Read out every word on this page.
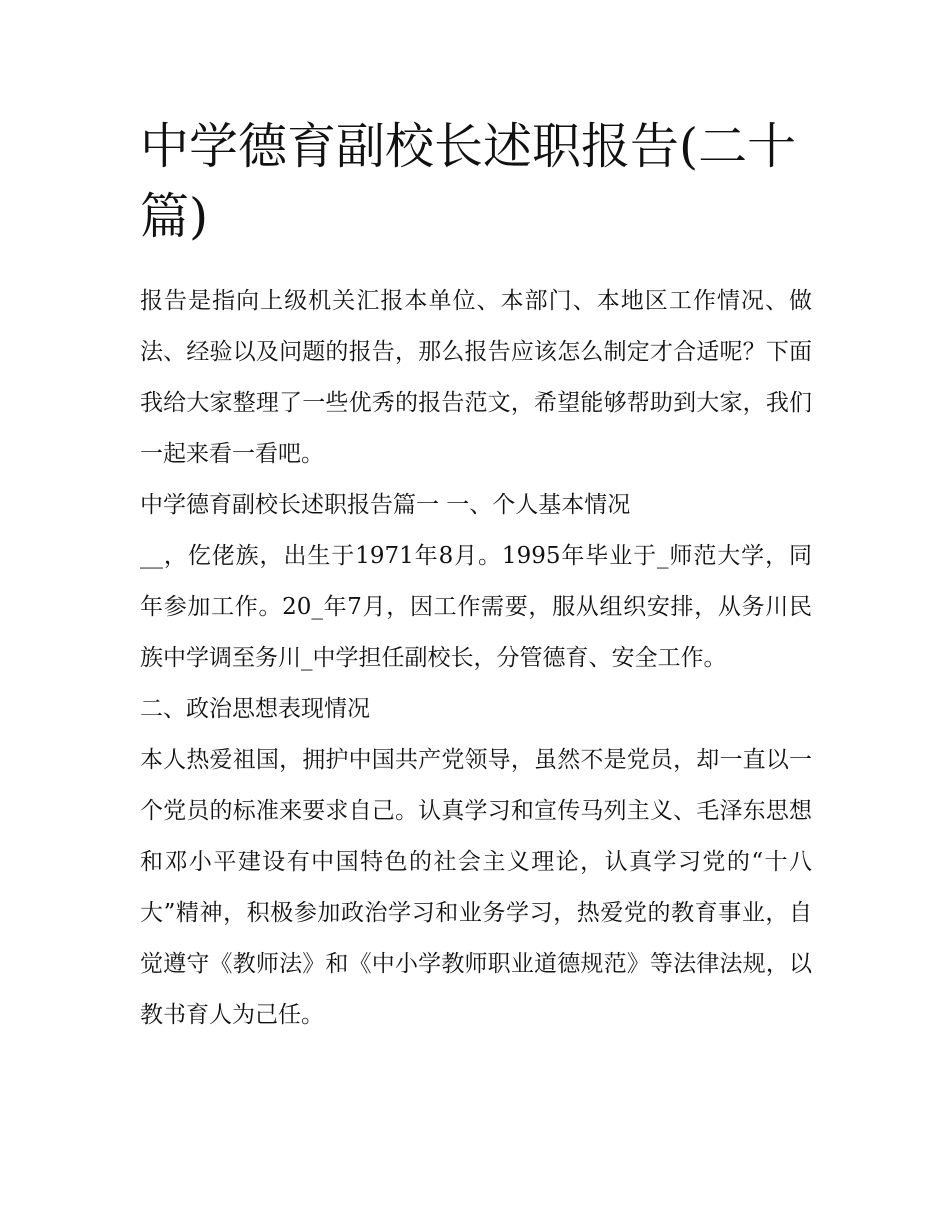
中学德育副校长述职报告(二十篇)

报告是指向上级机关汇报本单位、本部门、本地区工作情况、做法、经验以及问题的报告，那么报告应该怎么制定才合适呢？下面我给大家整理了一些优秀的报告范文，希望能够帮助到大家，我们一起来看一看吧。

中学德育副校长述职报告篇一 一、个人基本情况

__，仡佬族，出生于1971年8月。1995年毕业于_师范大学，同年参加工作。20_年7月，因工作需要，服从组织安排，从务川民族中学调至务川_中学担任副校长，分管德育、安全工作。

二、政治思想表现情况

本人热爱祖国，拥护中国共产党领导，虽然不是党员，却一直以一个党员的标准来要求自己。认真学习和宣传马列主义、毛泽东思想和邓小平建设有中国特色的社会主义理论，认真学习党的“十八大”精神，积极参加政治学习和业务学习，热爱党的教育事业，自觉遵守《教师法》和《中小学教师职业道德规范》等法律法规，以教书育人为己任。
